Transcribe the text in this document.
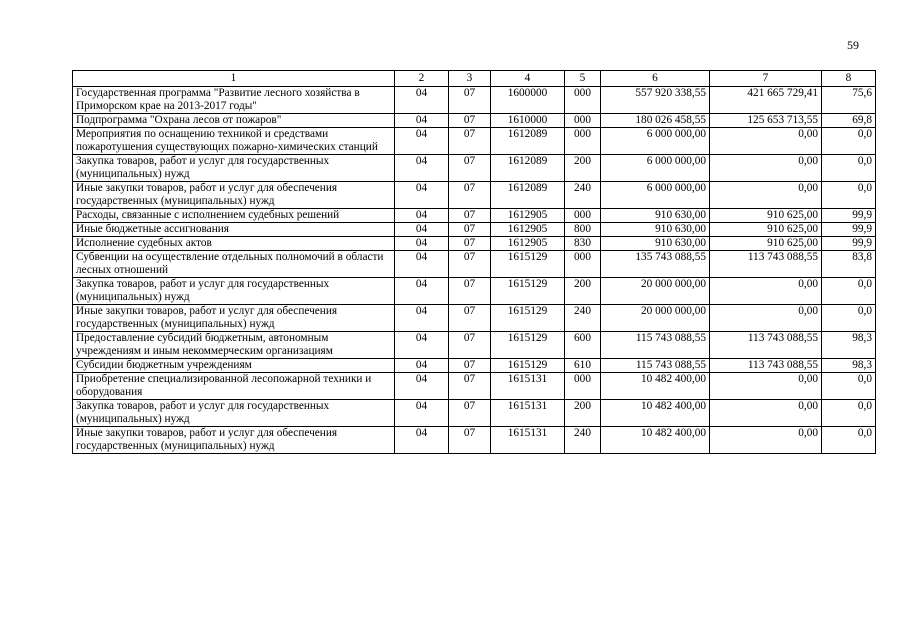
59
1	2	3	4	5	6	7	8
Государственная программа "Развитие лесного хозяйства в Приморском крае на 2013-2017 годы"	04	07	1600000	000	557 920 338,55	421 665 729,41	75,6
Подпрограмма "Охрана лесов от пожаров"	04	07	1610000	000	180 026 458,55	125 653 713,55	69,8
Мероприятия по оснащению техникой и средствами пожаротушения существующих пожарно-химических станций	04	07	1612089	000	6 000 000,00	0,00	0,0
Закупка товаров, работ и услуг для государственных (муниципальных) нужд	04	07	1612089	200	6 000 000,00	0,00	0,0
Иные закупки товаров, работ и услуг для обеспечения государственных (муниципальных) нужд	04	07	1612089	240	6 000 000,00	0,00	0,0
Расходы, связанные с исполнением судебных решений	04	07	1612905	000	910 630,00	910 625,00	99,9
Иные бюджетные ассигнования	04	07	1612905	800	910 630,00	910 625,00	99,9
Исполнение судебных актов	04	07	1612905	830	910 630,00	910 625,00	99,9
Субвенции на осуществление отдельных полномочий в области лесных отношений	04	07	1615129	000	135 743 088,55	113 743 088,55	83,8
Закупка товаров, работ и услуг для государственных (муниципальных) нужд	04	07	1615129	200	20 000 000,00	0,00	0,0
Иные закупки товаров, работ и услуг для обеспечения государственных (муниципальных) нужд	04	07	1615129	240	20 000 000,00	0,00	0,0
Предоставление субсидий бюджетным, автономным учреждениям и иным некоммерческим организациям	04	07	1615129	600	115 743 088,55	113 743 088,55	98,3
Субсидии бюджетным учреждениям	04	07	1615129	610	115 743 088,55	113 743 088,55	98,3
Приобретение специализированной лесопожарной техники и оборудования	04	07	1615131	000	10 482 400,00	0,00	0,0
Закупка товаров, работ и услуг для государственных (муниципальных) нужд	04	07	1615131	200	10 482 400,00	0,00	0,0
Иные закупки товаров, работ и услуг для обеспечения государственных (муниципальных) нужд	04	07	1615131	240	10 482 400,00	0,00	0,0
